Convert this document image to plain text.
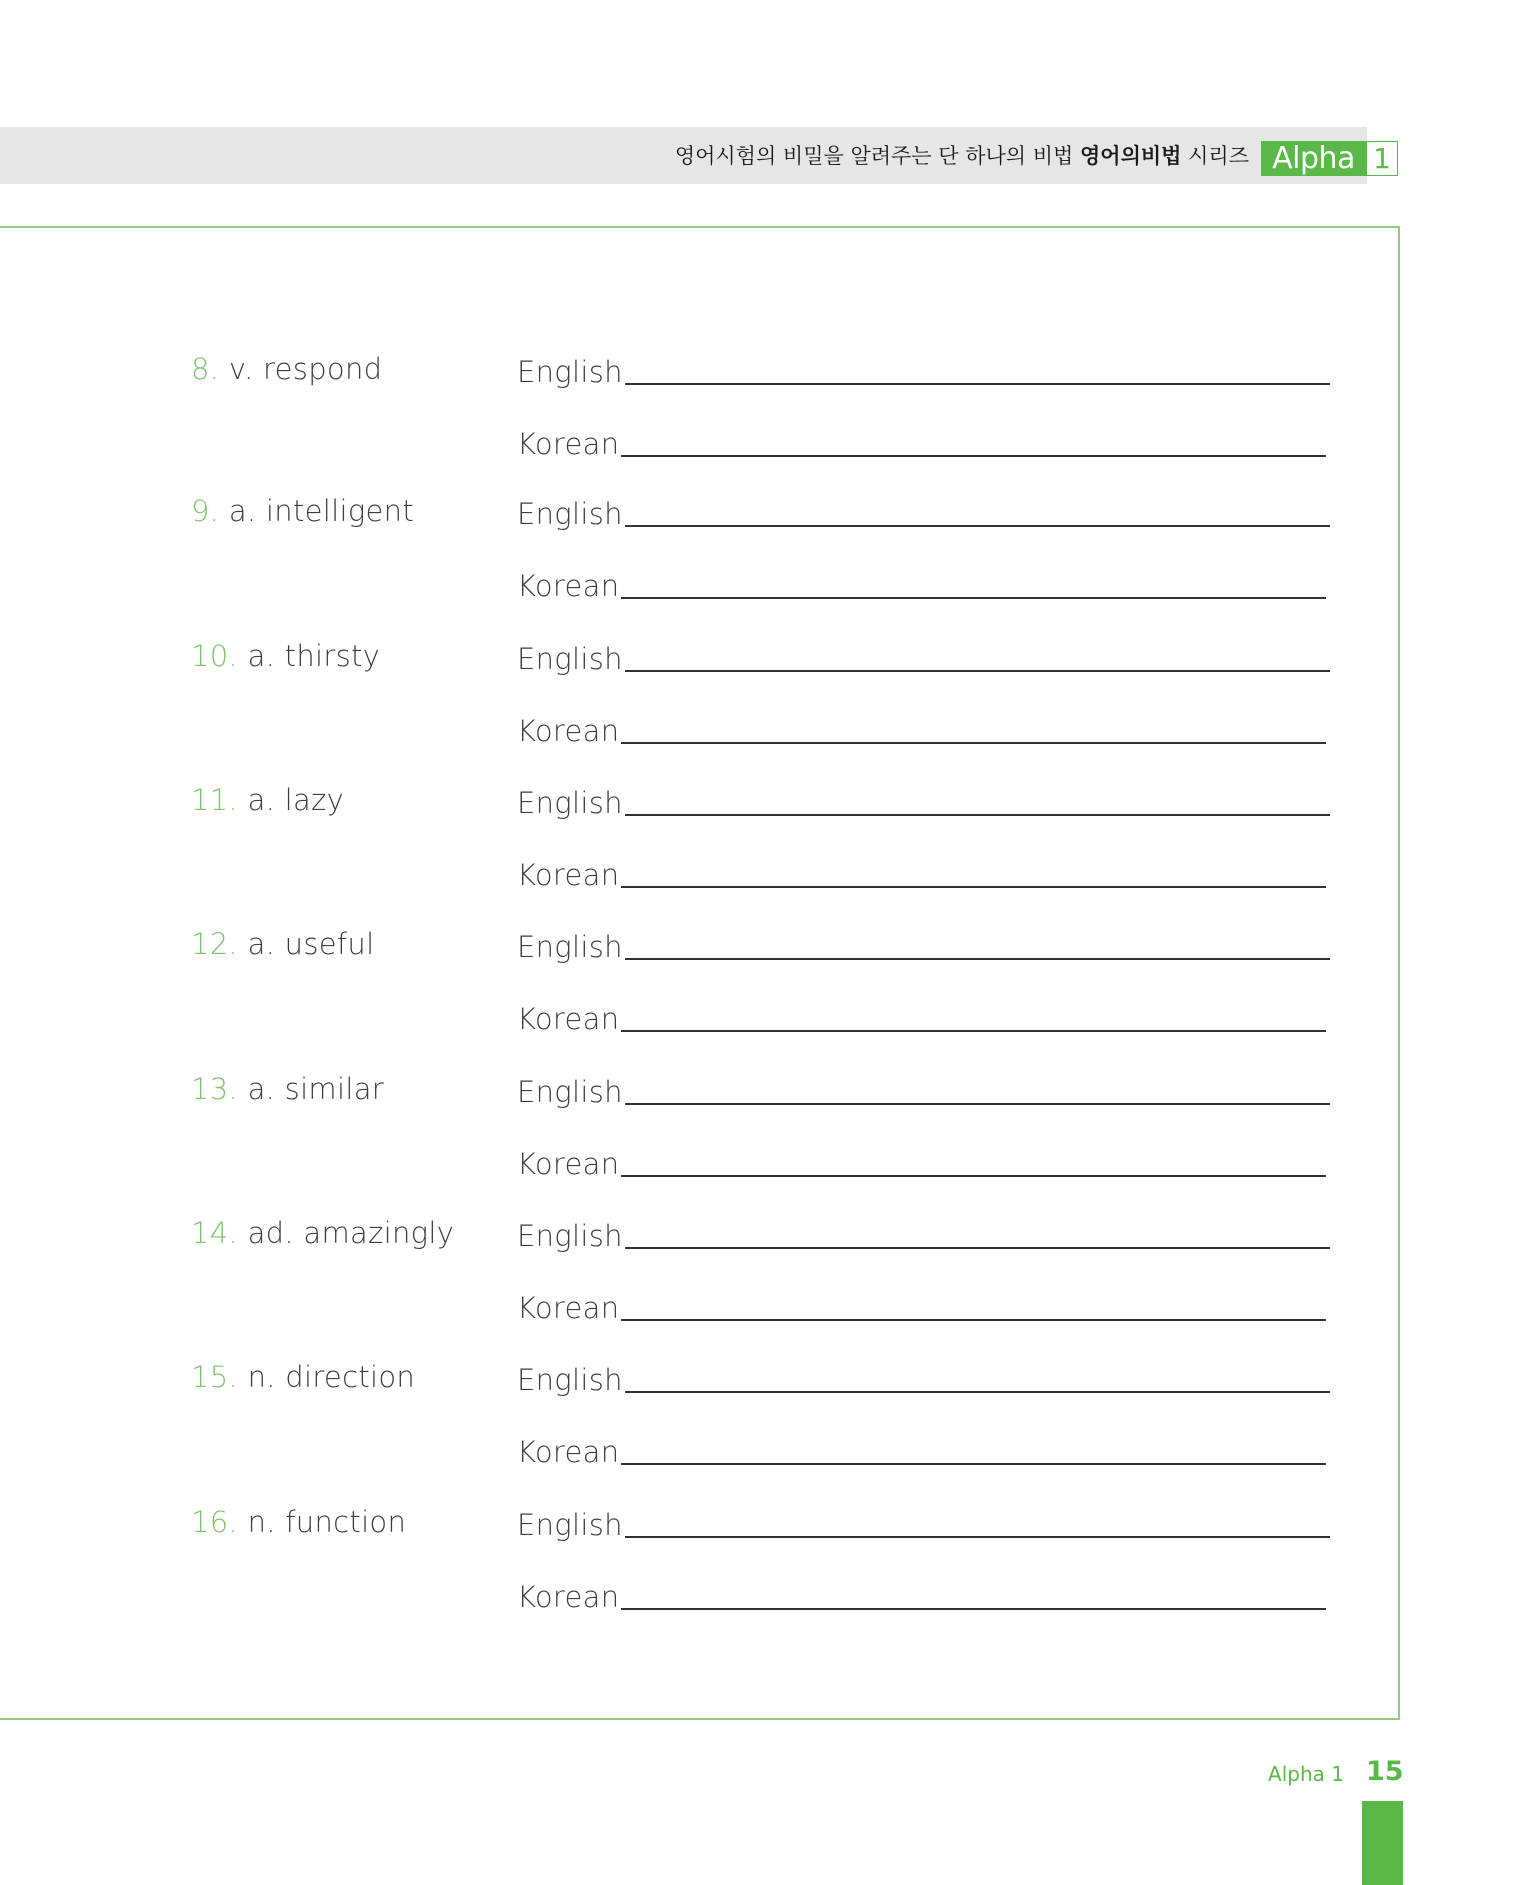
영어시험의 비밀을 알려주는 단 하나의 비법 영어의비법 시리즈 Alpha 1
8. v. respond	English
Korean
9. a. intelligent	English
Korean
10. a. thirsty	English
Korean
11. a. lazy	English
Korean
12. a. useful	English
Korean
13. a. similar	English
Korean
14. ad. amazingly English
Korean
15. n. direction	English
Korean
16. n. function	English
Korean
Alpha 1 15
